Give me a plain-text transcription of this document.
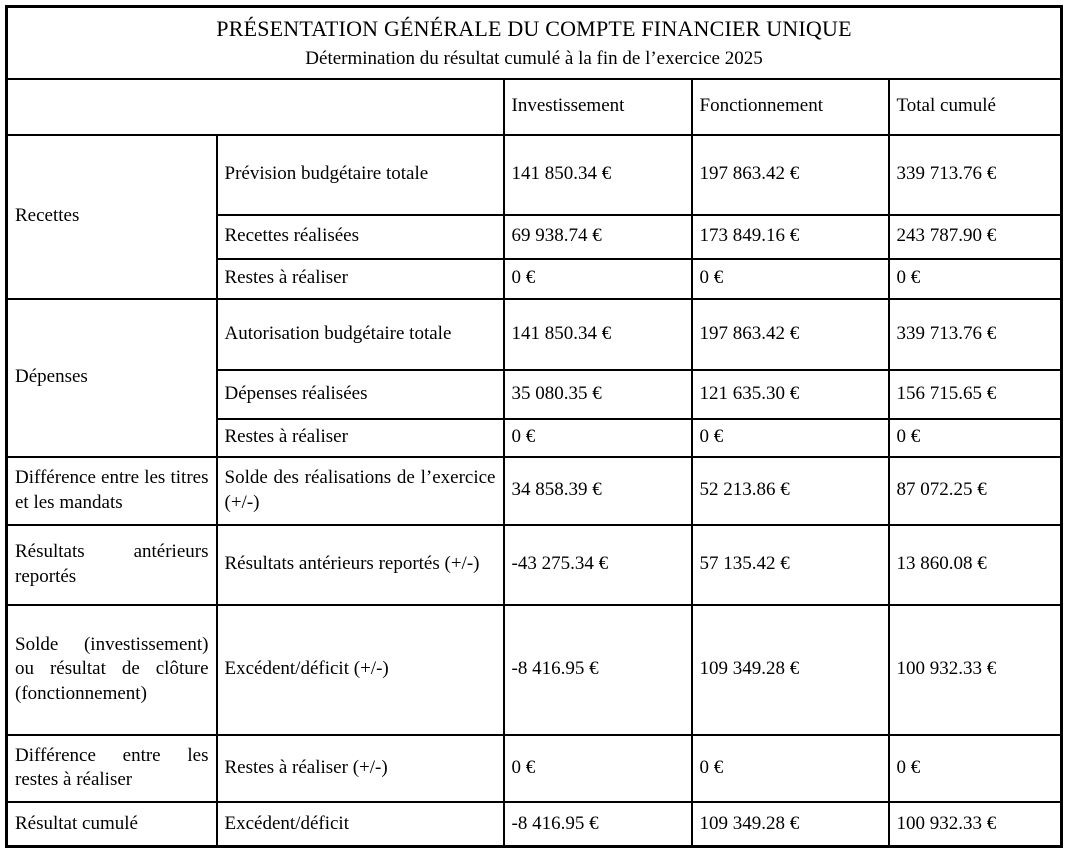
PRÉSENTATION GÉNÉRALE DU COMPTE FINANCIER UNIQUE
Détermination du résultat cumulé à la fin de l’exercice 2025				

		Investissement	Fonctionnement	Total cumulé
Recettes	Prévision budgétaire totale	141 850.34 €	197 863.42 €	339 713.76 €
	Recettes réalisées	69 938.74 €	173 849.16 €	243 787.90 €
	Restes à réaliser	0 €	0 €	0 €
Dépenses	Autorisation budgétaire totale	141 850.34 €	197 863.42 €	339 713.76 €
	Dépenses réalisées	35 080.35 €	121 635.30 €	156 715.65 €
	Restes à réaliser	0 €	0 €	0 €
Différence entre les titres et les mandats	Solde des réalisations de l’exercice (+/-)	34 858.39 €	52 213.86 €	87 072.25 €
Résultats antérieurs reportés	Résultats antérieurs reportés (+/-)	-43 275.34 €	57 135.42 €	13 860.08 €
Solde (investissement) ou résultat de clôture (fonctionnement)	Excédent/déficit (+/-)	-8 416.95 €	109 349.28 €	100 932.33 €
Différence entre les restes à réaliser	Restes à réaliser (+/-)	0 €	0 €	0 €
Résultat cumulé	Excédent/déficit	-8 416.95 €	109 349.28 €	100 932.33 €
